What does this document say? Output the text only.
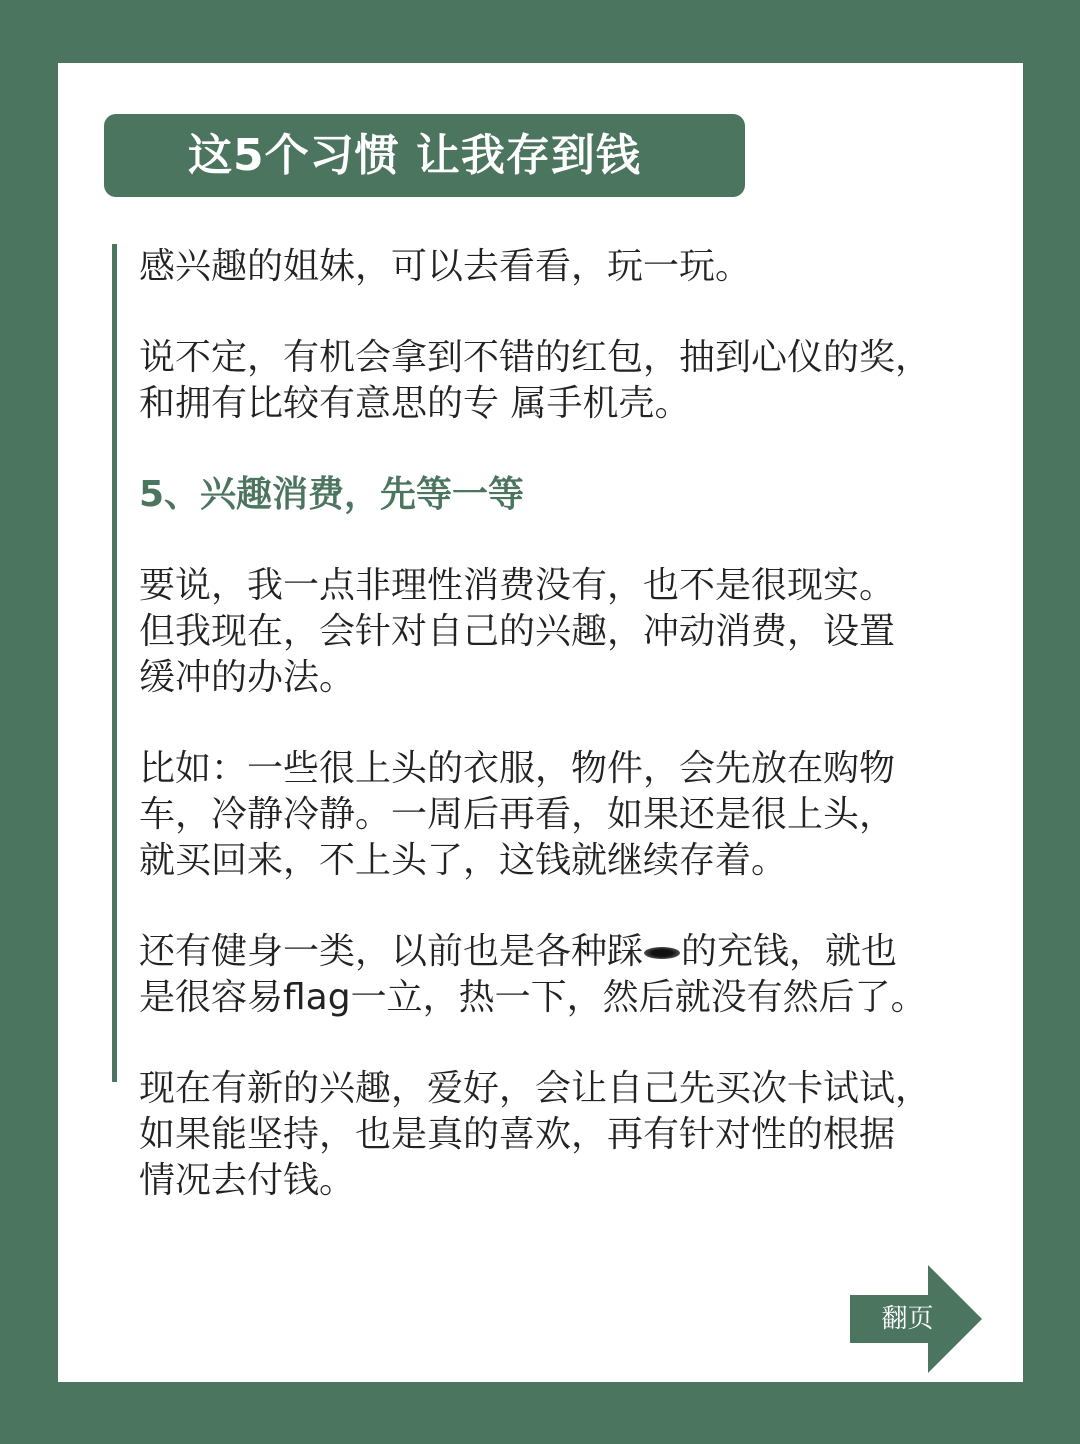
这5个习惯 让我存到钱

感兴趣的姐妹，可以去看看，玩一玩。

说不定，有机会拿到不错的红包，抽到心仪的奖，
和拥有比较有意思的专 属手机壳。

5、兴趣消费，先等一等

要说，我一点非理性消费没有，也不是很现实。
但我现在，会针对自己的兴趣，冲动消费，设置
缓冲的办法。

比如：一些很上头的衣服，物件，会先放在购物
车，冷静冷静。一周后再看，如果还是很上头，
就买回来，不上头了，这钱就继续存着。

还有健身一类，以前也是各种踩 的充钱，就也
是很容易flag一立，热一下，然后就没有然后了。

现在有新的兴趣，爱好，会让自己先买次卡试试，
如果能坚持，也是真的喜欢，再有针对性的根据
情况去付钱。

翻页
